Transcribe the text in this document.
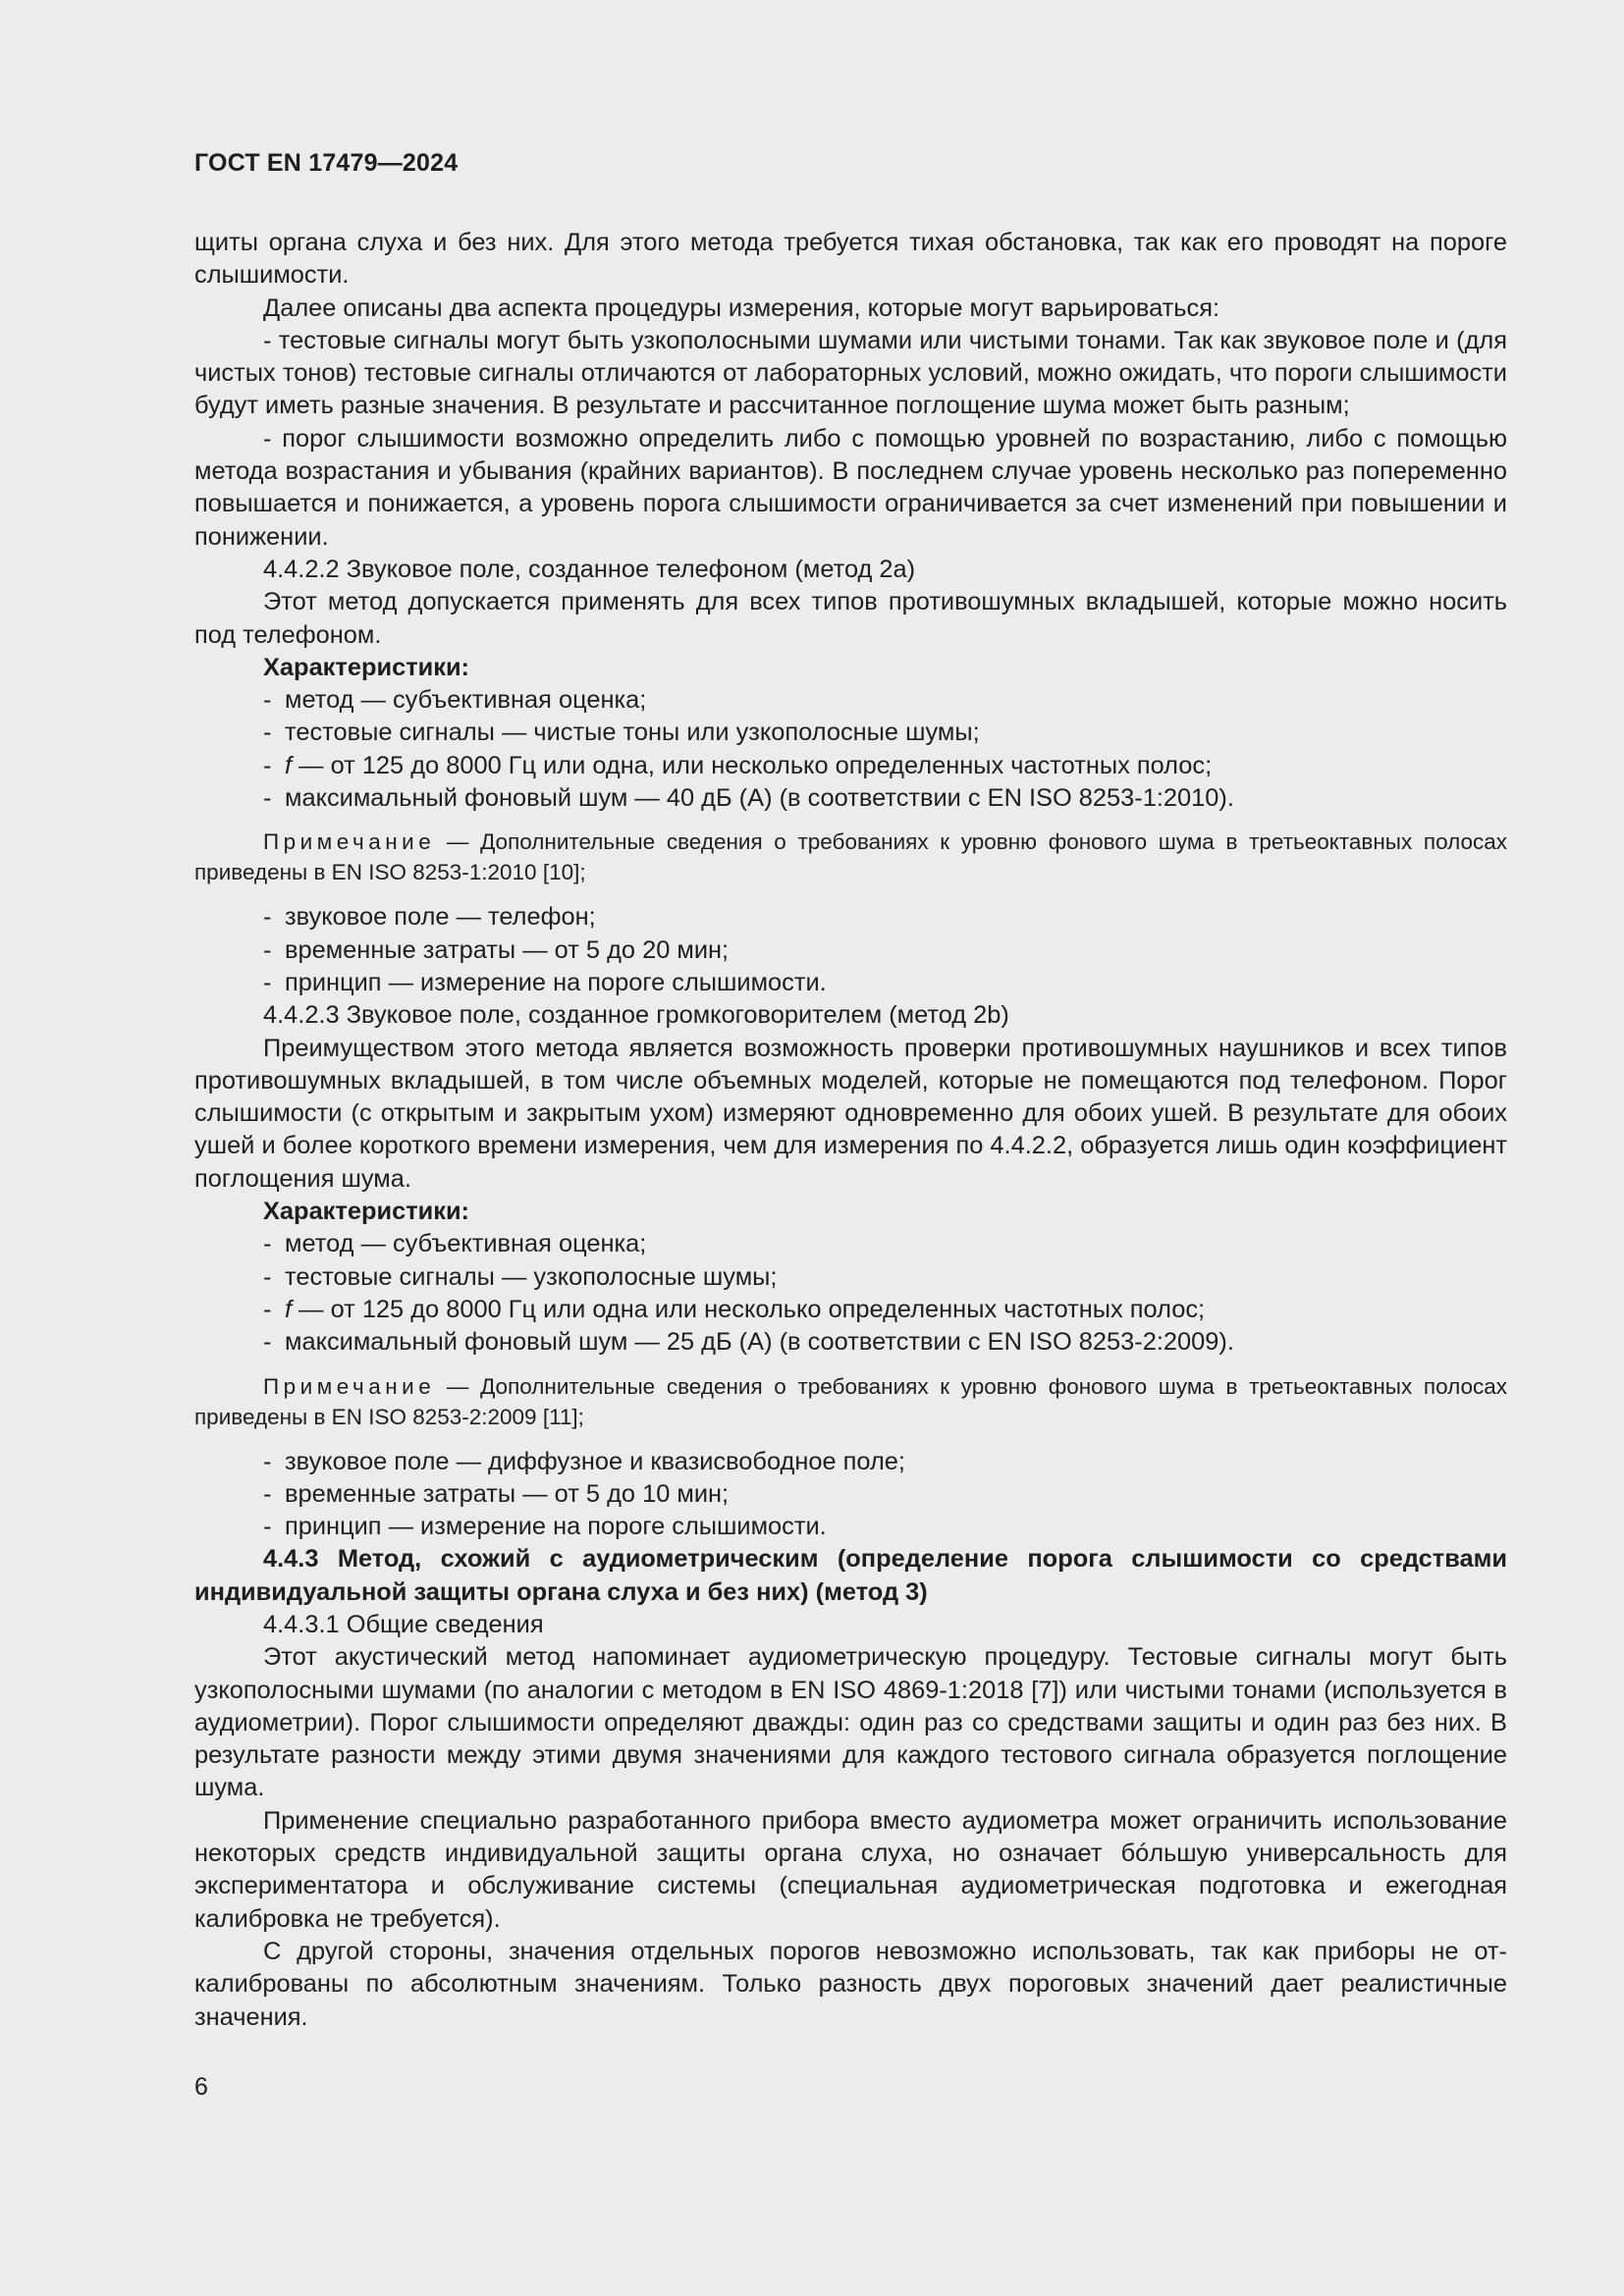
ГОСТ EN 17479—2024

щиты органа слуха и без них. Для этого метода требуется тихая обстановка, так как его проводят на пороге слышимости.

Далее описаны два аспекта процедуры измерения, которые могут варьироваться:

- тестовые сигналы могут быть узкополосными шумами или чистыми тонами. Так как звуковое поле и (для чистых тонов) тестовые сигналы отличаются от лабораторных условий, можно ожидать, что пороги слышимости будут иметь разные значения. В результате и рассчитанное поглощение шума может быть разным;

- порог слышимости возможно определить либо с помощью уровней по возрастанию, либо с помощью метода возрастания и убывания (крайних вариантов). В последнем случае уровень несколько раз попеременно повышается и понижается, а уровень порога слышимости ограничивается за счет изменений при повышении и понижении.

4.4.2.2 Звуковое поле, созданное телефоном (метод 2a)

Этот метод допускается применять для всех типов противошумных вкладышей, которые можно носить под телефоном.

Характеристики:

- метод — субъективная оценка;

- тестовые сигналы — чистые тоны или узкополосные шумы;

- f — от 125 до 8000 Гц или одна, или несколько определенных частотных полос;

- максимальный фоновый шум — 40 дБ (А) (в соответствии с EN ISO 8253-1:2010).

Примечание — Дополнительные сведения о требованиях к уровню фонового шума в третьеоктавных полосах приведены в EN ISO 8253-1:2010 [10];

- звуковое поле — телефон;

- временные затраты — от 5 до 20 мин;

- принцип — измерение на пороге слышимости.

4.4.2.3 Звуковое поле, созданное громкоговорителем (метод 2b)

Преимуществом этого метода является возможность проверки противошумных наушников и всех типов противошумных вкладышей, в том числе объемных моделей, которые не помещаются под телефоном. Порог слышимости (с открытым и закрытым ухом) измеряют одновременно для обоих ушей. В результате для обоих ушей и более короткого времени измерения, чем для измерения по 4.4.2.2, образуется лишь один коэффициент поглощения шума.

Характеристики:

- метод — субъективная оценка;

- тестовые сигналы — узкополосные шумы;

- f — от 125 до 8000 Гц или одна или несколько определенных частотных полос;

- максимальный фоновый шум — 25 дБ (А) (в соответствии с EN ISO 8253-2:2009).

Примечание — Дополнительные сведения о требованиях к уровню фонового шума в третьеоктавных полосах приведены в EN ISO 8253-2:2009 [11];

- звуковое поле — диффузное и квазисвободное поле;

- временные затраты — от 5 до 10 мин;

- принцип — измерение на пороге слышимости.

4.4.3 Метод, схожий с аудиометрическим (определение порога слышимости со средствами индивидуальной защиты органа слуха и без них) (метод 3)

4.4.3.1 Общие сведения

Этот акустический метод напоминает аудиометрическую процедуру. Тестовые сигналы могут быть узкополосными шумами (по аналогии с методом в EN ISO 4869-1:2018 [7]) или чистыми тонами (используется в аудиометрии). Порог слышимости определяют дважды: один раз со средствами защиты и один раз без них. В результате разности между этими двумя значениями для каждого тестового сигнала образуется поглощение шума.

Применение специально разработанного прибора вместо аудиометра может ограничить использование некоторых средств индивидуальной защиты органа слуха, но означает бóльшую универсальность для экспериментатора и обслуживание системы (специальная аудиометрическая подготовка и ежегодная калибровка не требуется).

С другой стороны, значения отдельных порогов невозможно использовать, так как приборы не откалиброваны по абсолютным значениям. Только разность двух пороговых значений дает реалистичные значения.

6
